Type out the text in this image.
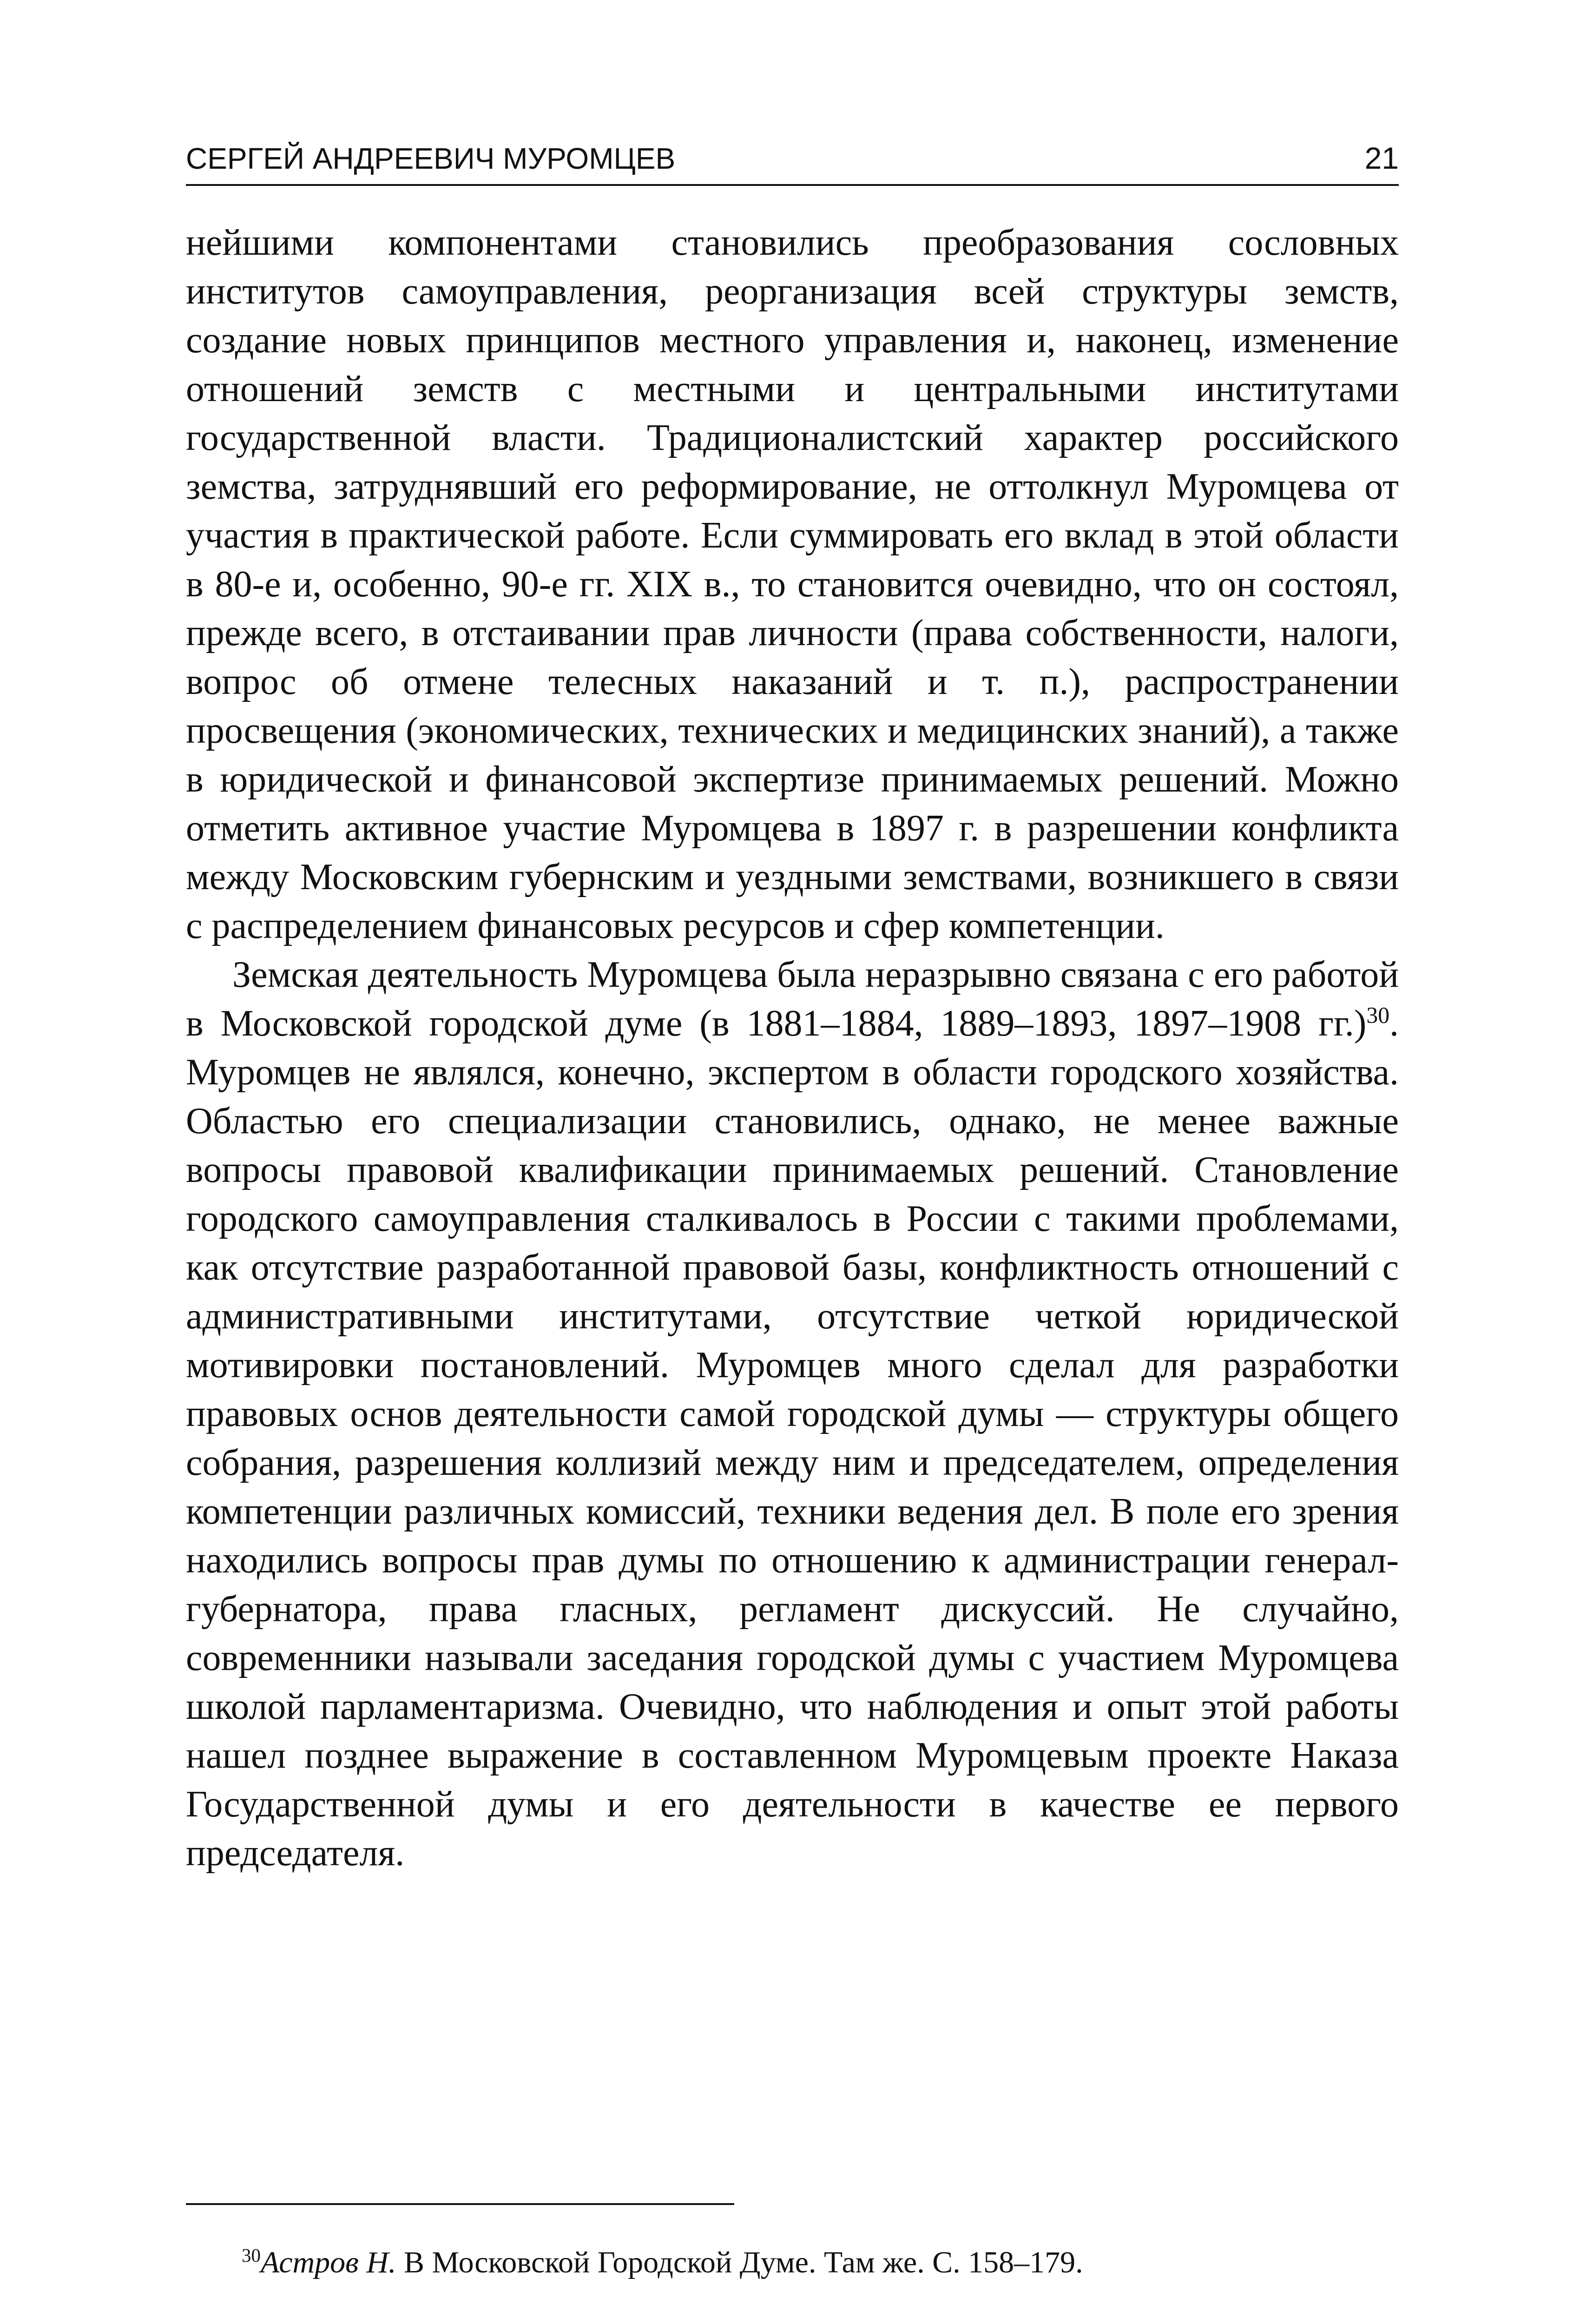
СЕРГЕЙ АНДРЕЕВИЧ МУРОМЦЕВ	21

нейшими компонентами становились преобразования сословных институтов самоуправления, реорганизация всей структуры земств, создание новых принципов местного управления и, наконец, изменение отношений земств с местными и центральными институтами государственной власти. Традиционалистский характер российского земства, затруднявший его реформирование, не оттолкнул Муромцева от участия в практической работе. Если суммировать его вклад в этой области в 80-е и, особенно, 90-е гг. XIX в., то становится очевидно, что он состоял, прежде всего, в отстаивании прав личности (права собственности, налоги, вопрос об отмене телесных наказаний и т. п.), распространении просвещения (экономических, технических и медицинских знаний), а также в юридической и финансовой экспертизе принимаемых решений. Можно отметить активное участие Муромцева в 1897 г. в разрешении конфликта между Московским губернским и уездными земствами, возникшего в связи с распределением финансовых ресурсов и сфер компетенции.

Земская деятельность Муромцева была неразрывно связана с его работой в Московской городской думе (в 1881–1884, 1889–1893, 1897–1908 гг.)$^{30}$. Муромцев не являлся, конечно, экспертом в области городского хозяйства. Областью его специализации становились, однако, не менее важные вопросы правовой квалификации принимаемых решений. Становление городского самоуправления сталкивалось в России с такими проблемами, как отсутствие разработанной правовой базы, конфликтность отношений с административными институтами, отсутствие четкой юридической мотивировки постановлений. Муромцев много сделал для разработки правовых основ деятельности самой городской думы — структуры общего собрания, разрешения коллизий между ним и председателем, определения компетенции различных комиссий, техники ведения дел. В поле его зрения находились вопросы прав думы по отношению к администрации генерал-губернатора, права гласных, регламент дискуссий. Не случайно, современники называли заседания городской думы с участием Муромцева школой парламентаризма. Очевидно, что наблюдения и опыт этой работы нашел позднее выражение в составленном Муромцевым проекте Наказа Государственной думы и его деятельности в качестве ее первого председателя.

$^{30}$Астров Н. В Московской Городской Думе. Там же. С. 158–179.
